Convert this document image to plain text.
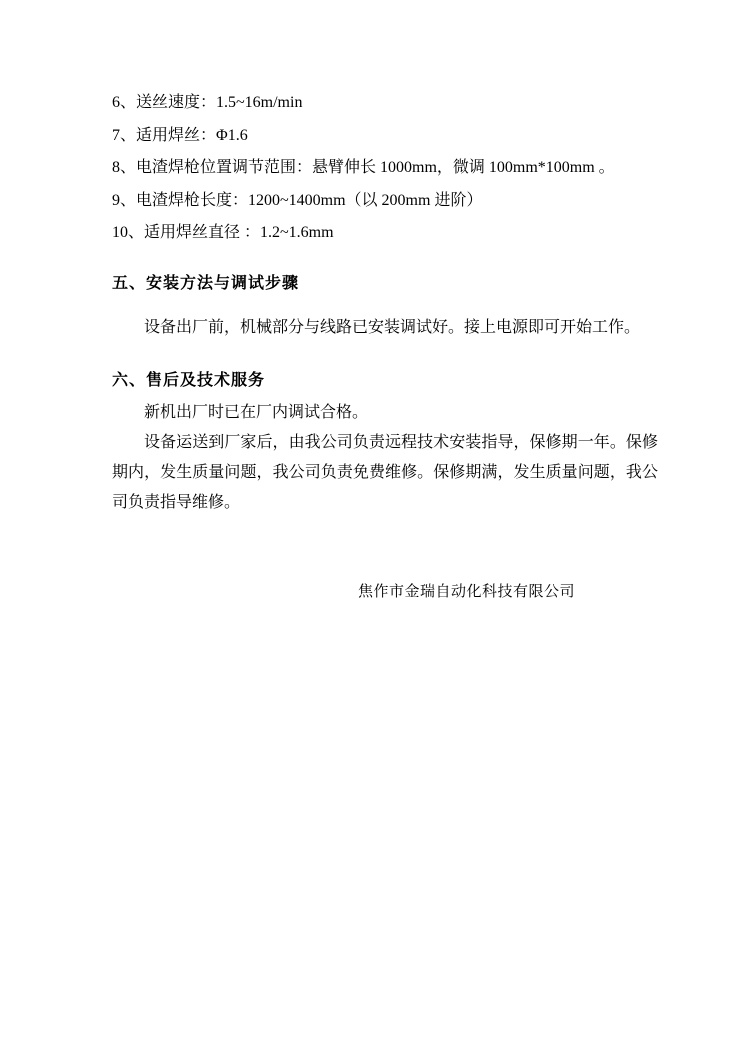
6、送丝速度：1.5~16m/min

7、适用焊丝：Φ1.6

8、电渣焊枪位置调节范围：悬臂伸长 1000mm，微调 100mm*100mm 。

9、电渣焊枪长度：1200~1400mm（以 200mm 进阶）

10、适用焊丝直径 ：1.2~1.6mm

五、安装方法与调试步骤

设备出厂前，机械部分与线路已安装调试好。接上电源即可开始工作。

六、售后及技术服务

新机出厂时已在厂内调试合格。

设备运送到厂家后，由我公司负责远程技术安装指导，保修期一年。保修期内，发生质量问题，我公司负责免费维修。保修期满，发生质量问题，我公司负责指导维修。

焦作市金瑞自动化科技有限公司
